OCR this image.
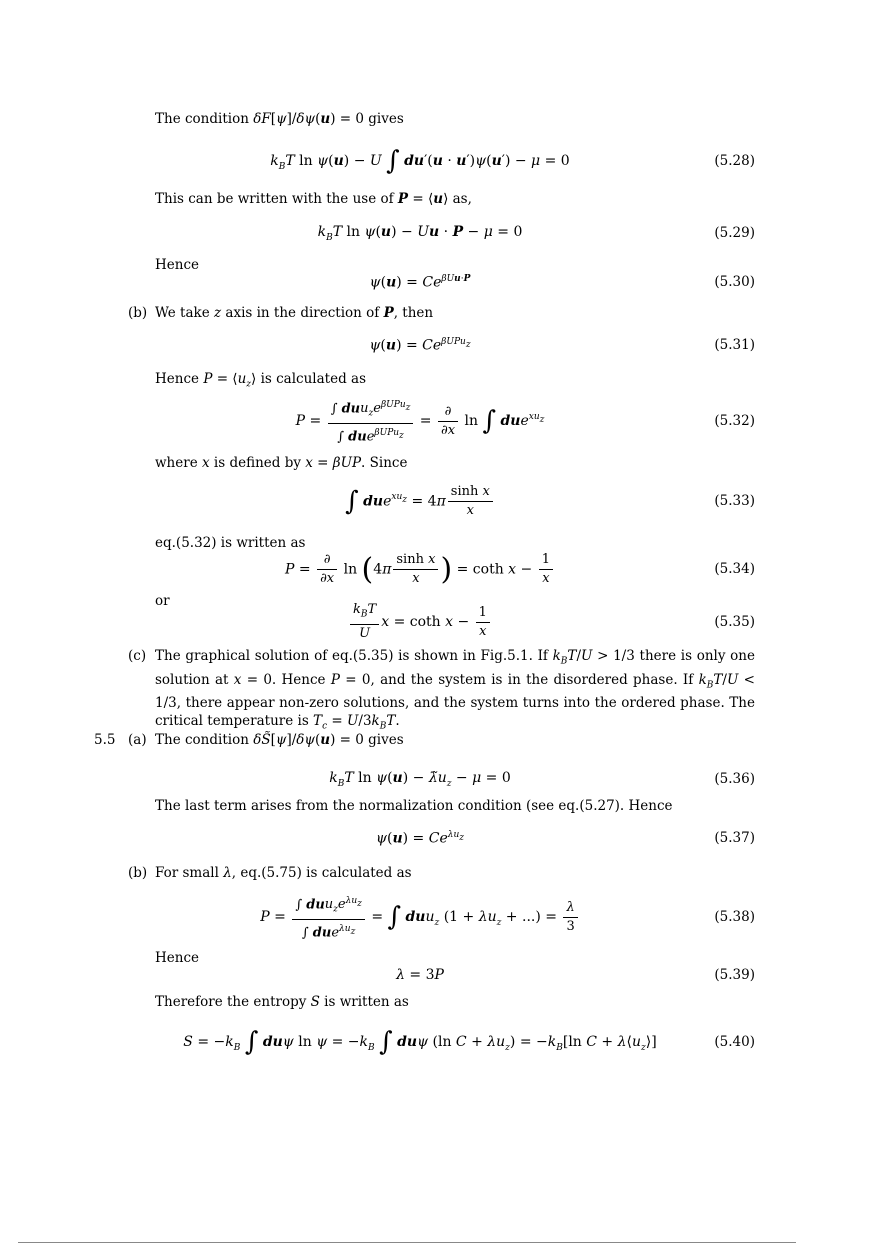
The condition δF[ψ]/δψ(u) = 0 gives
$k_BT$ ln ψ(u) − U ∫ du′(u · u′)ψ(u′) − μ = 0	(5.28)
This can be written with the use of P = ⟨u⟩ as,
$k_BT$ ln ψ(u) − Uu · P − μ = 0	(5.29)
Hence
$\psi(u) = Ce^{\beta Uu\cdot P}$	(5.30)
(b) We take z axis in the direction of P, then
$\psi(u) = Ce^{\beta UPu_z}$	(5.31)
Hence $P = ⟨u_z⟩$ is calculated as
$P = \frac{\int duu_ze^{\beta UPu_z}}{\int due^{\beta UPu_z}} = \frac{\partial}{\partial x}$ ln ∫ due$^{xu_z}$	(5.32)
where x is defined by x = βUP. Since
∫ $due^{xu_z} = 4\pi \frac{\text{sinh x}}{x}$	(5.33)
eq.(5.32) is written as
$P = \frac{\partial}{\partial x}$ $\ln (4\pi \frac{\text{sinh x}}{x}$ ) = coth $x - \frac{1}{x}$	(5.34)
or
$\frac{k_BT}{U}$ x = coth $x - \frac{1}{x}$	(5.35)
(c) The graphical solution of eq.(5.35) is shown in Fig.5.1. If $k_BT/U > 1/3$ there is only one solution at x = 0. Hence P = 0, and the system is in the disordered phase. If $k_BT/U < 1/3$, there appear non-zero solutions, and the system turns into the ordered phase. The critical temperature is $T_c = U/3k_BT$.
5.5 (a) The condition δS̃[ψ]/δψ(u) = 0 gives
$k_BT$ $\ln \psi(u) - \lambdãu_z - \mu = 0$	(5.36)
The last term arises from the normalization condition (see eq.(5.27). Hence
$\psi(u) = Ce^{\lambda u_z}$	(5.37)
(b) For small λ, eq.(5.75) is calculated as
$P = \frac{\int duu_ze^{\lambda u_z}}{\int due^{\lambda u_z}}$ = ∫ duu$_z$ ($1 + \lambda u_z$ + ...) = $\frac{\lambda}{3}$	(5.38)
Hence
λ = 3P	(5.39)
Therefore the entropy S is written as
$S = -k_B$ ∫ duψ $\ln \psi = -k_B$ ∫ duψ (ln $C + \lambda u_z) = -k_B[\ln$ $C + \lambda⟨u_z⟩$]	(5.40)
